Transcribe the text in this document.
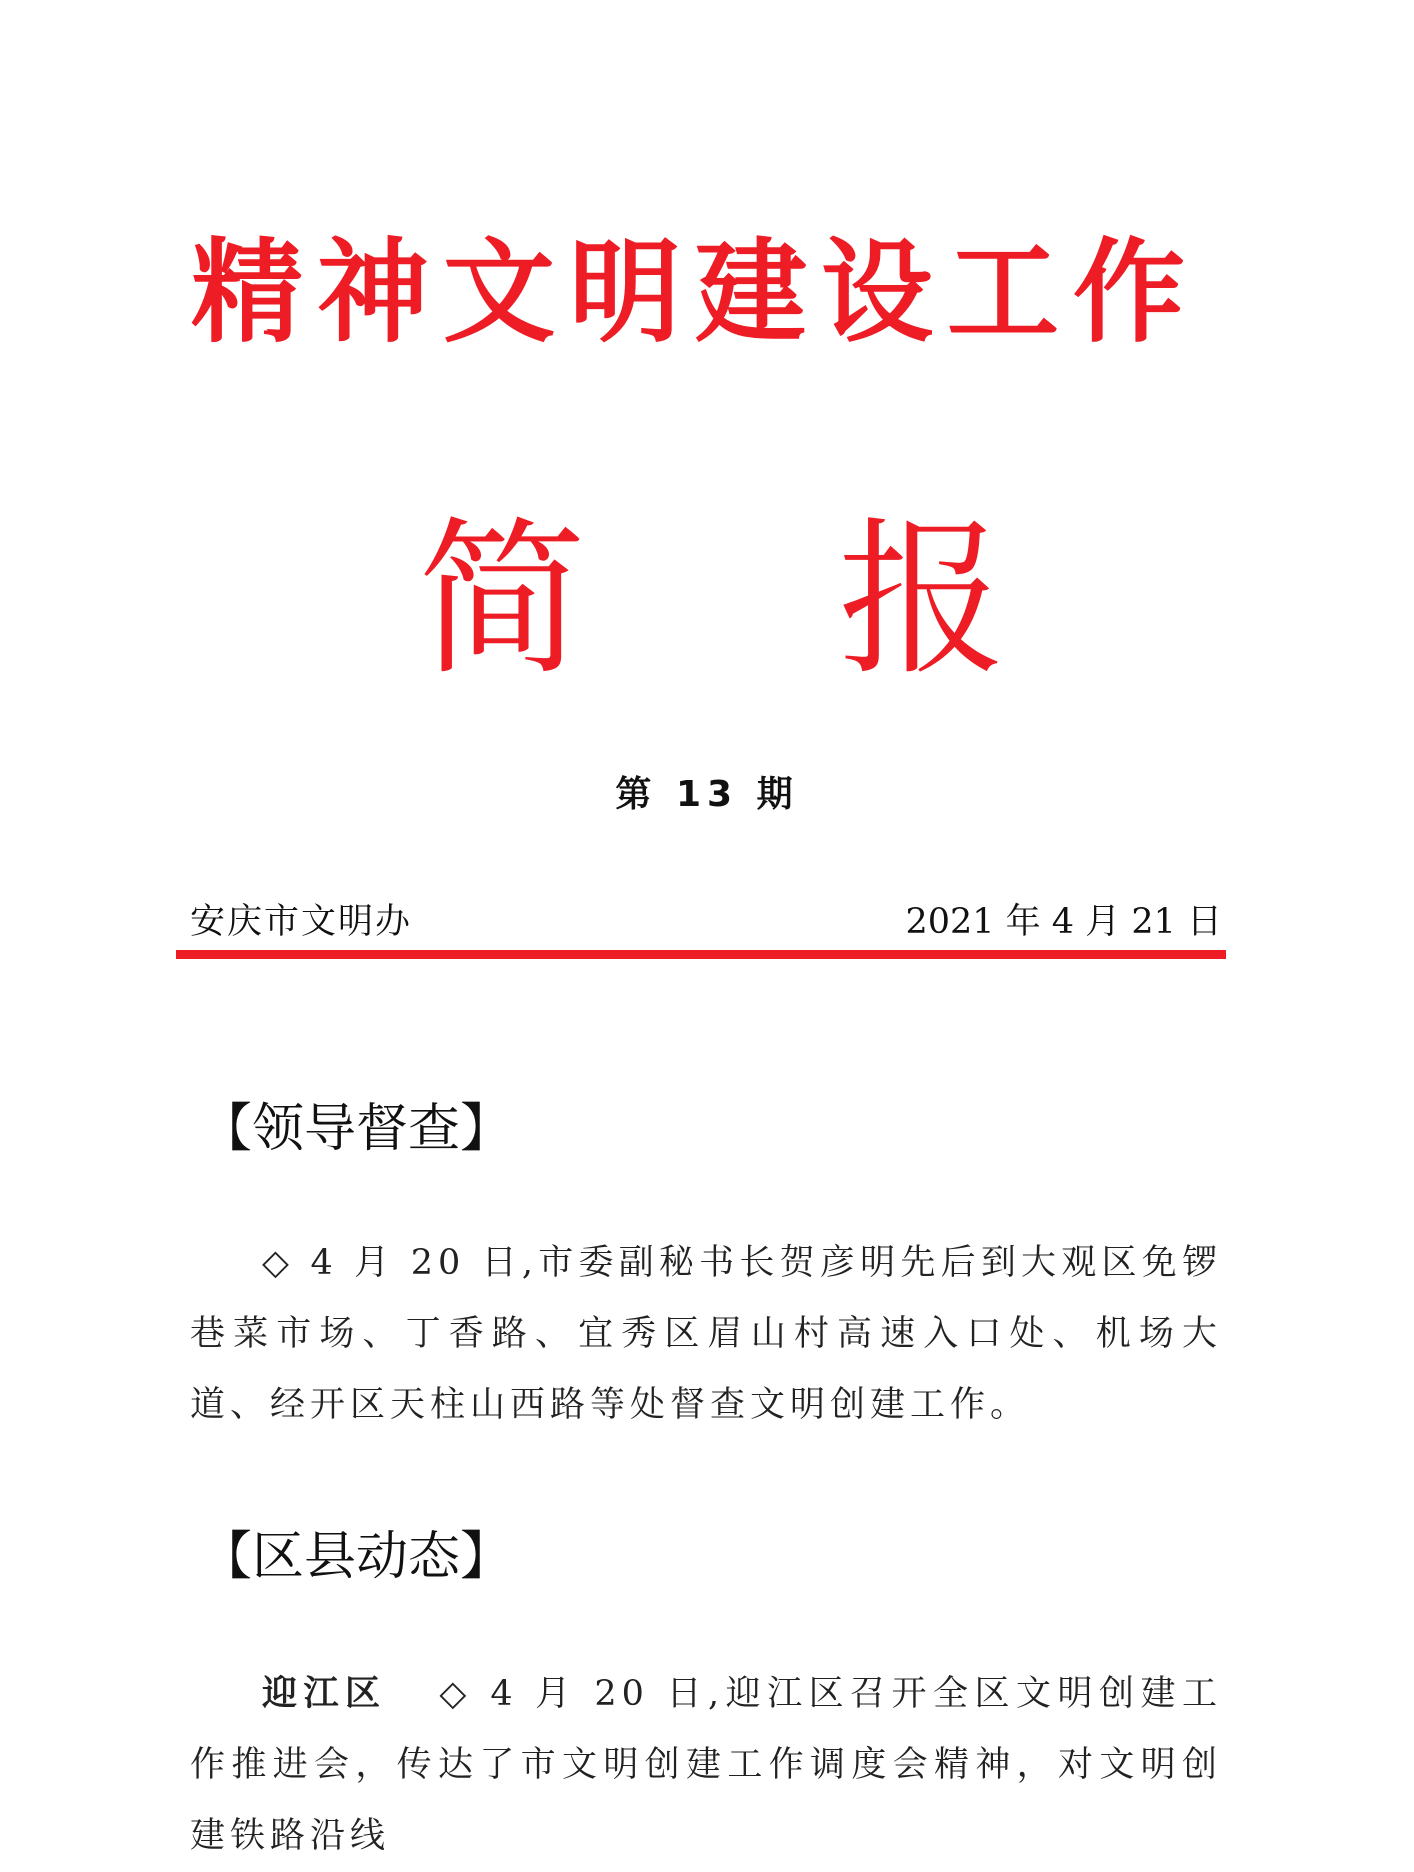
精神文明建设工作
简 报
第 13 期
安庆市文明办	2021 年 4 月 21 日
【领导督查】
◇ 4 月 20 日,市委副秘书长贺彦明先后到大观区免锣巷菜市场、丁香路、宜秀区眉山村高速入口处、机场大道、经开区天柱山西路等处督查文明创建工作。
【区县动态】
迎江区 ◇ 4 月 20 日,迎江区召开全区文明创建工作推进会，传达了市文明创建工作调度会精神，对文明创建铁路沿线
